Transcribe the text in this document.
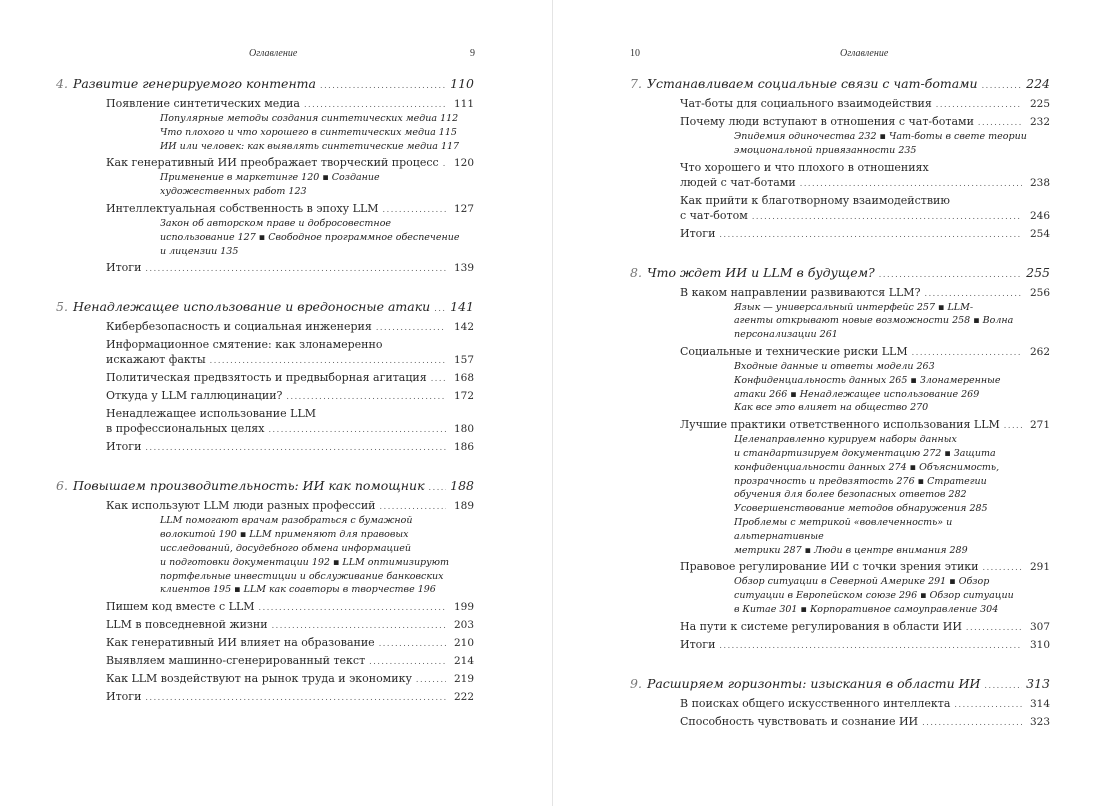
Оглавление	9
4. Развитие генерируемого контента . . .	110
Появление синтетических медиа . . .	111
Популярные методы создания синтетических медиа 112
Что плохого и что хорошего в синтетических медиа 115
ИИ или человек: как выявлять синтетические медиа 117
Как генеративный ИИ преображает творческий процесс . . .	120
Применение в маркетинге 120 ▪ Создание
художественных работ 123
Интеллектуальная собственность в эпоху LLM . . .	127
Закон об авторском праве и добросовестное
использование 127 ▪ Свободное программное обеспечение
и лицензии 135
Итоги . . .	139
5. Ненадлежащее использование и вредоносные атаки . . . 141
Кибербезопасность и социальная инженерия . . .	142
Информационное смятение: как злонамеренно
искажают факты . . .	157
Политическая предвзятость и предвыборная агитация . . .	168
Откуда у LLM галлюцинации? . . .	172
Ненадлежащее использование LLM
в профессиональных целях . . .	180
Итоги . . .	186
6. Повышаем производительность: ИИ как помощник . . . 188
Как используют LLM люди разных профессий . . .	189
LLM помогают врачам разобраться с бумажной
волокитой 190 ▪ LLM применяют для правовых
исследований, досудебного обмена информацией
и подготовки документации 192 ▪ LLM оптимизируют
портфельные инвестиции и обслуживание банковских
клиентов 195 ▪ LLM как соавторы в творчестве 196
Пишем код вместе с LLM . . .	199
LLM в повседневной жизни . . .	203
Как генеративный ИИ влияет на образование . . .	210
Выявляем машинно-сгенерированный текст . . .	214
Как LLM воздействуют на рынок труда и экономику . . .	219
Итоги . . .	222
10	Оглавление
7. Устанавливаем социальные связи с чат-ботами . . .	224
Чат-боты для социального взаимодействия . . .	225
Почему люди вступают в отношения с чат-ботами . . .	232
Эпидемия одиночества 232 ▪ Чат-боты в свете теории
эмоциональной привязанности 235
Что хорошего и что плохого в отношениях
людей с чат-ботами . . .	238
Как прийти к благотворному взаимодействию
с чат-ботом . . .	246
Итоги . . .	254
8. Что ждет ИИ и LLM в будущем? . . .	255
В каком направлении развиваются LLM? . . .	256
Язык — универсальный интерфейс 257 ▪ LLM-
агенты открывают новые возможности 258 ▪ Волна
персонализации 261
Социальные и технические риски LLM . . .	262
Входные данные и ответы модели 263
Конфиденциальность данных 265 ▪ Злонамеренные
атаки 266 ▪ Ненадлежащее использование 269
Как все это влияет на общество 270
Лучшие практики ответственного использования LLM . . .	271
Целенаправленно курируем наборы данных
и стандартизируем документацию 272 ▪ Защита
конфиденциальности данных 274 ▪ Объяснимость,
прозрачность и предвзятость 276 ▪ Стратегии
обучения для более безопасных ответов 282
Усовершенствование методов обнаружения 285
Проблемы с метрикой «вовлеченность» и альтернативные
метрики 287 ▪ Люди в центре внимания 289
Правовое регулирование ИИ с точки зрения этики . . .	291
Обзор ситуации в Северной Америке 291 ▪ Обзор
ситуации в Европейском союзе 296 ▪ Обзор ситуации
в Китае 301 ▪ Корпоративное самоуправление 304
На пути к системе регулирования в области ИИ . . .	307
Итоги . . .	310
9. Расширяем горизонты: изыскания в области ИИ . . .	313
В поисках общего искусственного интеллекта . . .	314
Способность чувствовать и сознание ИИ . . .	323
